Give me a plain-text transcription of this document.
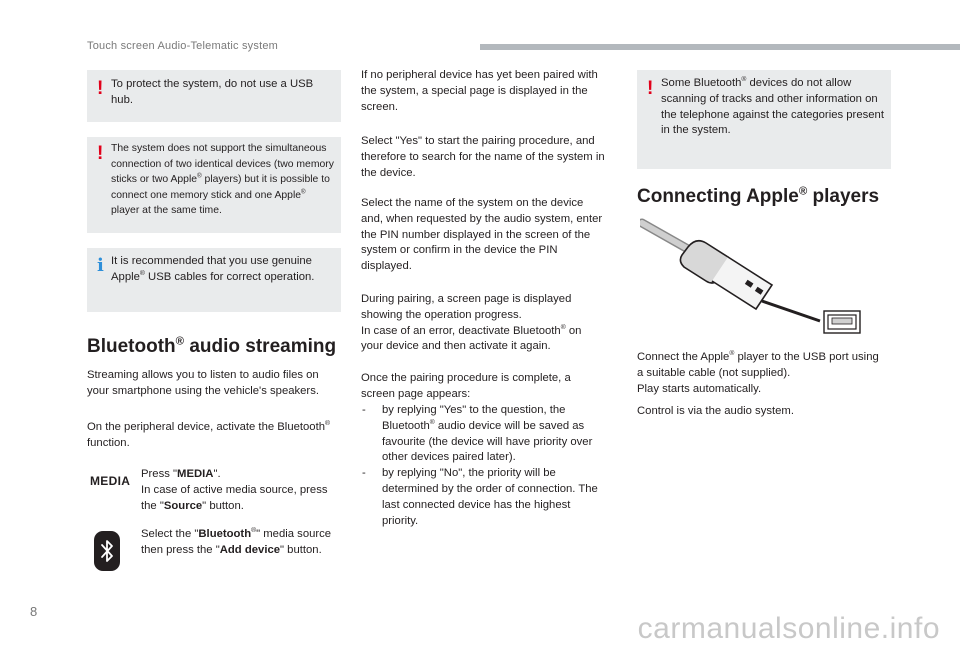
Touch screen Audio-Telematic system
! To protect the system, do not use a USB hub.
! The system does not support the simultaneous connection of two identical devices (two memory sticks or two Apple® players) but it is possible to connect one memory stick and one Apple® player at the same time.
i It is recommended that you use genuine Apple® USB cables for correct operation.
Bluetooth® audio streaming
Streaming allows you to listen to audio files on your smartphone using the vehicle's speakers.
On the peripheral device, activate the Bluetooth® function.
MEDIA Press "MEDIA".
In case of active media source, press the "Source" button.
Select the "Bluetooth®" media source then press the "Add device" button.
If no peripheral device has yet been paired with the system, a special page is displayed in the screen.
Select "Yes" to start the pairing procedure, and therefore to search for the name of the system in the device.
Select the name of the system on the device and, when requested by the audio system, enter the PIN number displayed in the screen of the system or confirm in the device the PIN displayed.
During pairing, a screen page is displayed showing the operation progress.
In case of an error, deactivate Bluetooth® on your device and then activate it again.
Once the pairing procedure is complete, a screen page appears:
- by replying "Yes" to the question, the Bluetooth® audio device will be saved as favourite (the device will have priority over other devices paired later).
- by replying "No", the priority will be determined by the order of connection. The last connected device has the highest priority.
! Some Bluetooth® devices do not allow scanning of tracks and other information on the telephone against the categories present in the system.
Connecting Apple® players
Connect the Apple® player to the USB port using a suitable cable (not supplied).
Play starts automatically.
Control is via the audio system.
8
carmanualsonline.info
